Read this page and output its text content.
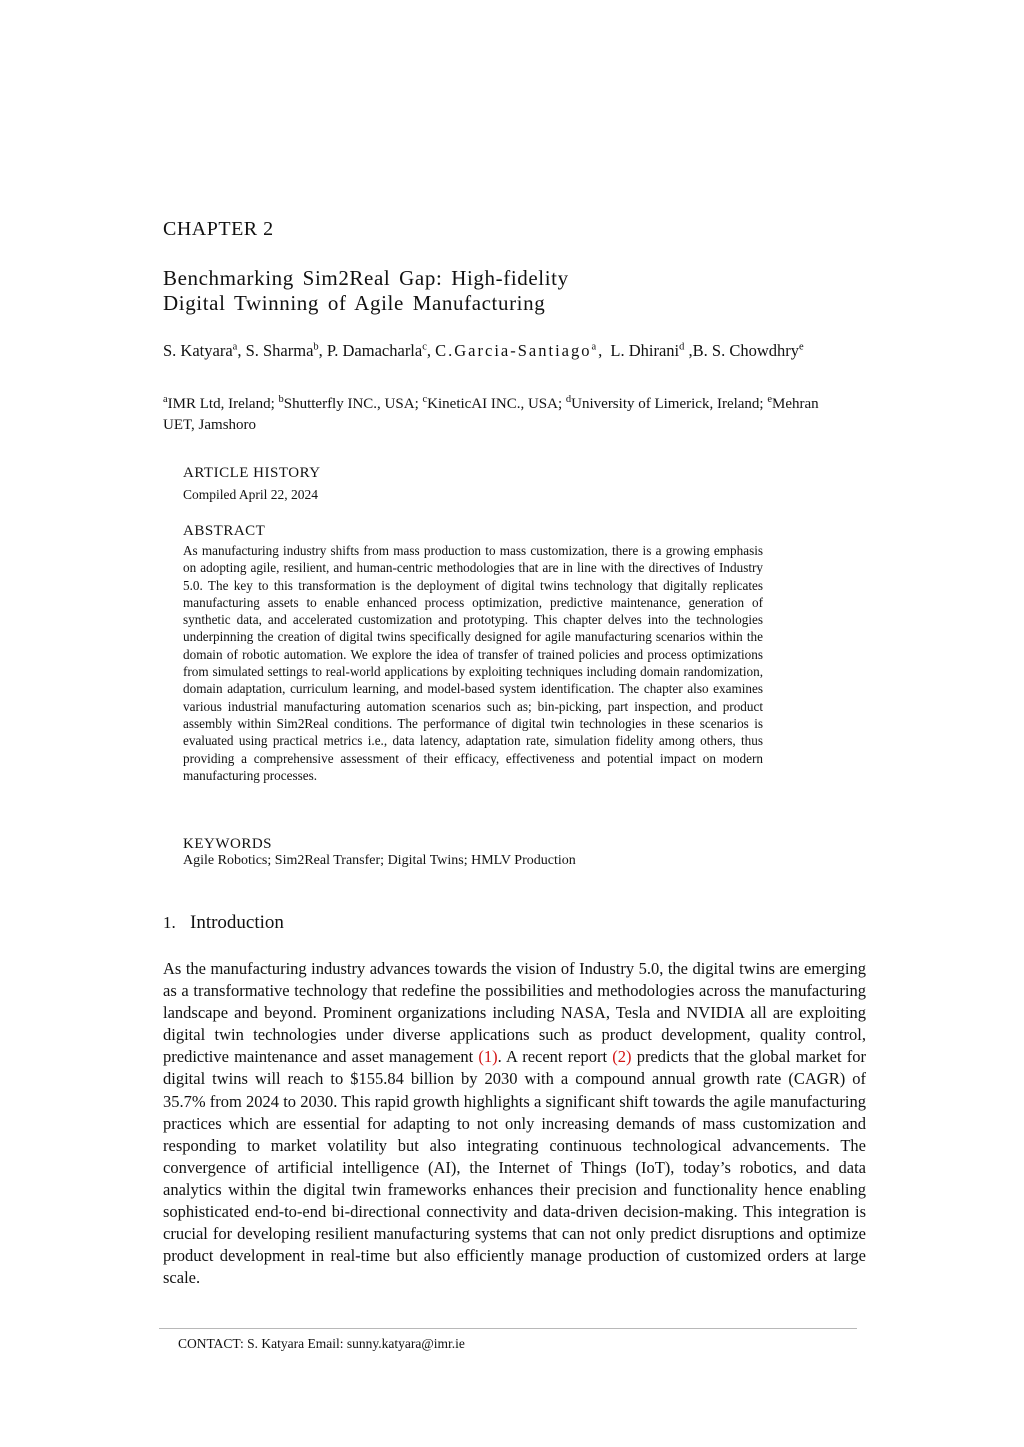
CHAPTER 2
Benchmarking Sim2Real Gap: High-fidelity
Digital Twinning of Agile Manufacturing
S. Katyara$^a$, S. Sharma$^b$, P. Damacharla$^c$, C.Garcia-Santiago$^a$, L. Dhirani$^d$ ,B. S. Chowdhry$^e$
$^a$IMR Ltd, Ireland; $^b$Shutterfly INC., USA; $^c$KineticAI INC., USA; $^d$University of Limerick, Ireland; $^e$Mehran UET, Jamshoro
ARTICLE HISTORY
Compiled April 22, 2024
ABSTRACT
As manufacturing industry shifts from mass production to mass customization, there is a growing emphasis on adopting agile, resilient, and human-centric methodologies that are in line with the directives of Industry 5.0. The key to this transformation is the deployment of digital twins technology that digitally replicates manufacturing assets to enable enhanced process optimization, predictive maintenance, generation of synthetic data, and accelerated customization and prototyping. This chapter delves into the technologies underpinning the creation of digital twins specifically designed for agile manufacturing scenarios within the domain of robotic automation. We explore the idea of transfer of trained policies and process optimizations from simulated settings to real-world applications by exploiting techniques including domain randomization, domain adaptation, curriculum learning, and model-based system identification. The chapter also examines various industrial manufacturing automation scenarios such as; bin-picking, part inspection, and product assembly within Sim2Real conditions. The performance of digital twin technologies in these scenarios is evaluated using practical metrics i.e., data latency, adaptation rate, simulation fidelity among others, thus providing a comprehensive assessment of their efficacy, effectiveness and potential impact on modern manufacturing processes.
KEYWORDS
Agile Robotics; Sim2Real Transfer; Digital Twins; HMLV Production
1. Introduction
As the manufacturing industry advances towards the vision of Industry 5.0, the digital twins are emerging as a transformative technology that redefine the possibilities and methodologies across the manufacturing landscape and beyond. Prominent organizations including NASA, Tesla and NVIDIA all are exploiting digital twin technologies under diverse applications such as product development, quality control, predictive maintenance and asset management (1). A recent report (2) predicts that the global market for digital twins will reach to $155.84 billion by 2030 with a compound annual growth rate (CAGR) of 35.7% from 2024 to 2030. This rapid growth highlights a significant shift towards the agile manufacturing practices which are essential for adapting to not only increasing demands of mass customization and responding to market volatility but also integrating continuous technological advancements. The convergence of artificial intelligence (AI), the Internet of Things (IoT), today’s robotics, and data analytics within the digital twin frameworks enhances their precision and functionality hence enabling sophisticated end-to-end bi-directional connectivity and data-driven decision-making. This integration is crucial for developing resilient manufacturing systems that can not only predict disruptions and optimize product development in real-time but also efficiently manage production of customized orders at large scale.
CONTACT: S. Katyara Email: sunny.katyara@imr.ie
